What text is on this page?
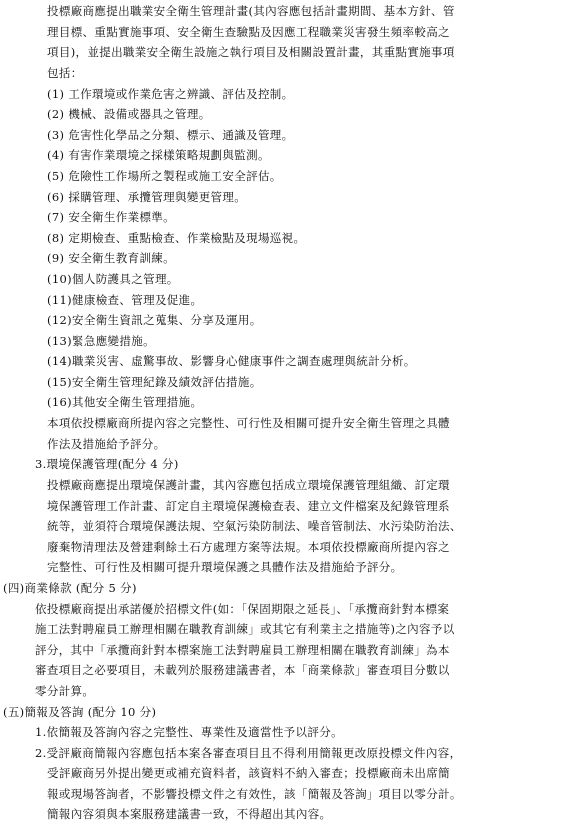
投標廠商應提出職業安全衛生管理計畫(其內容應包括計畫期間、基本方針、管
理目標、重點實施事項、安全衛生查驗點及因應工程職業災害發生頻率較高之
項目)，並提出職業安全衛生設施之執行項目及相關設置計畫，其重點實施事項
包括：
(1) 工作環境或作業危害之辨識、評估及控制。
(2) 機械、設備或器具之管理。
(3) 危害性化學品之分類、標示、通識及管理。
(4) 有害作業環境之採樣策略規劃與監測。
(5) 危險性工作場所之製程或施工安全評估。
(6) 採購管理、承攬管理與變更管理。
(7) 安全衛生作業標準。
(8) 定期檢查、重點檢查、作業檢點及現場巡視。
(9) 安全衛生教育訓練。
(10)個人防護具之管理。
(11)健康檢查、管理及促進。
(12)安全衛生資訊之蒐集、分享及運用。
(13)緊急應變措施。
(14)職業災害、虛驚事故、影響身心健康事件之調查處理與統計分析。
(15)安全衛生管理紀錄及績效評估措施。
(16)其他安全衛生管理措施。
本項依投標廠商所提內容之完整性、可行性及相關可提升安全衛生管理之具體
作法及措施給予評分。
3.環境保護管理(配分 4 分)
投標廠商應提出環境保護計畫，其內容應包括成立環境保護管理組織、訂定環
境保護管理工作計畫、訂定自主環境保護檢查表、建立文件檔案及紀錄管理系
統等，並須符合環境保護法規、空氣污染防制法、噪音管制法、水污染防治法、
廢棄物清理法及營建剩餘土石方處理方案等法規。本項依投標廠商所提內容之
完整性、可行性及相關可提升環境保護之具體作法及措施給予評分。
(四)商業條款 (配分 5 分)
依投標廠商提出承諾優於招標文件(如：「保固期限之延長」、「承攬商針對本標案
施工法對聘雇員工辦理相關在職教育訓練」或其它有利業主之措施等)之內容予以
評分，其中「承攬商針對本標案施工法對聘雇員工辦理相關在職教育訓練」為本
審查項目之必要項目，未載列於服務建議書者，本「商業條款」審查項目分數以
零分計算。
(五)簡報及答詢 (配分 10 分)
1.依簡報及答詢內容之完整性、專業性及適當性予以評分。
2.受評廠商簡報內容應包括本案各審查項目且不得利用簡報更改原投標文件內容，
受評廠商另外提出變更或補充資料者，該資料不納入審查；投標廠商未出席簡
報或現場答詢者，不影響投標文件之有效性，該「簡報及答詢」項目以零分計。
簡報內容須與本案服務建議書一致，不得超出其內容。
